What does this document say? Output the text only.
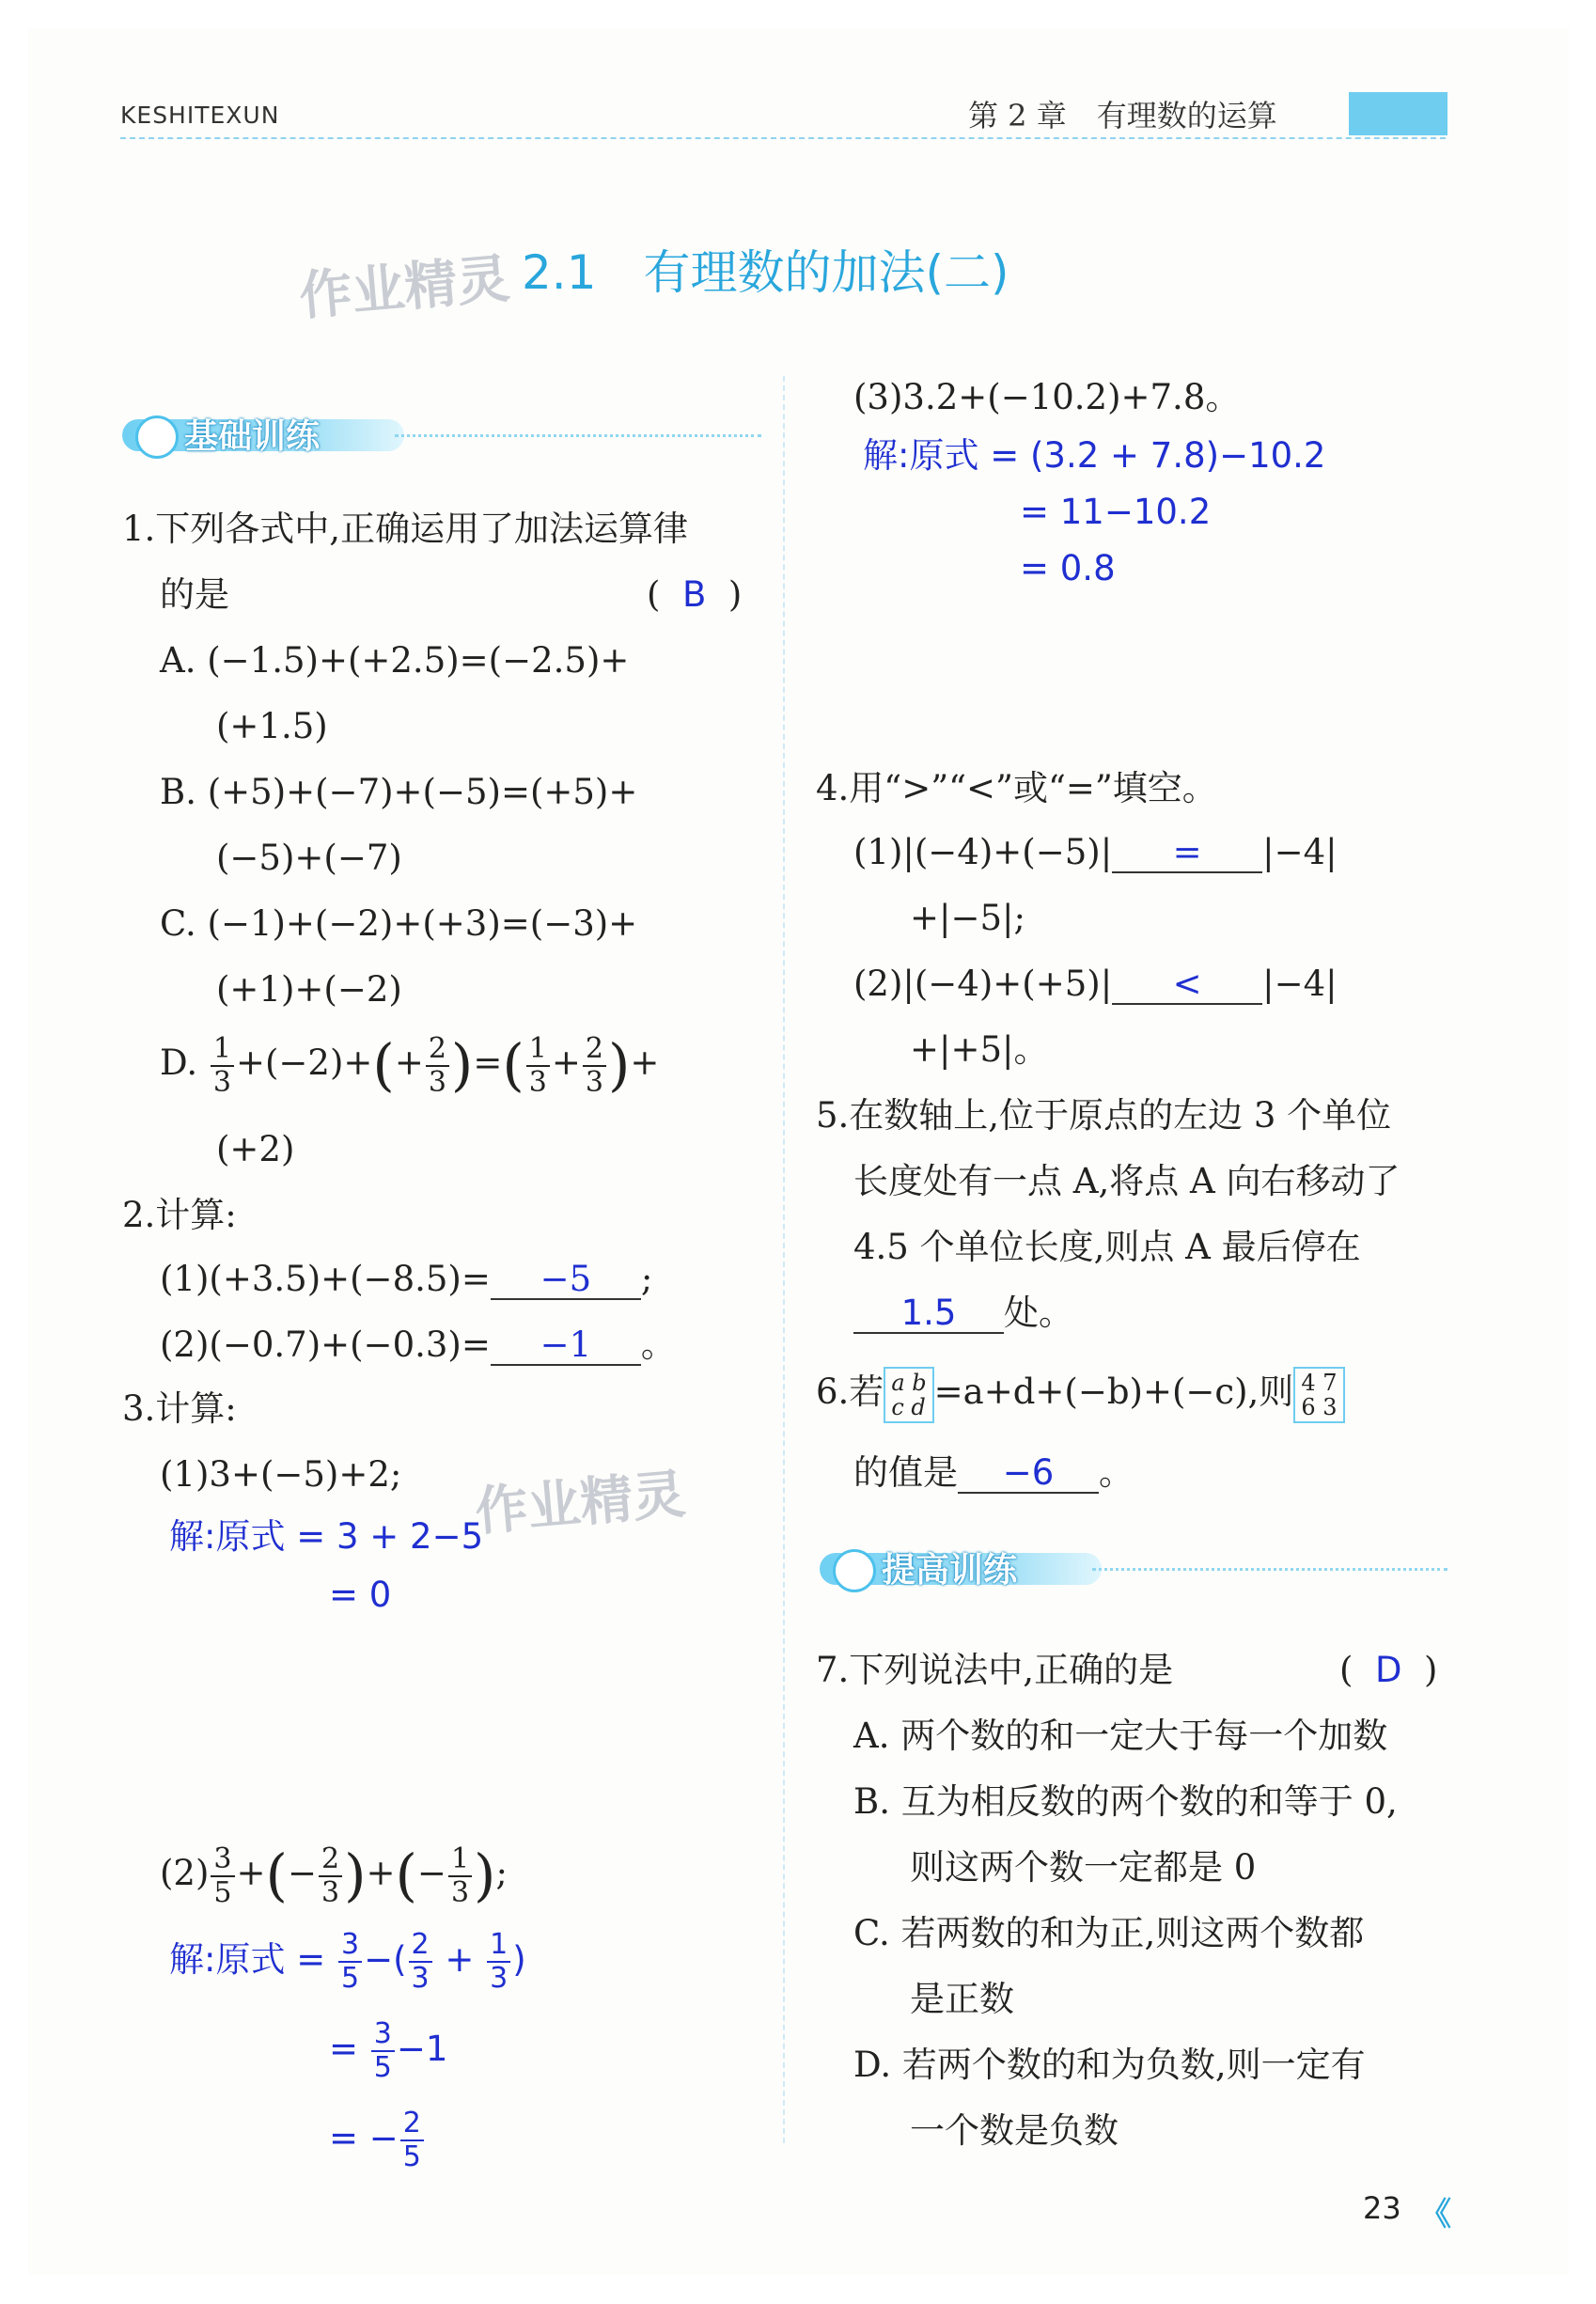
KESHITEXUN	第 2 章　有理数的运算
作业精灵 2.1　有理数的加法(二)
基础训练
1.下列各式中,正确运用了加法运算律
的是	( B )
A. (−1.5)+(+2.5)=(−2.5)+
(+1.5)
B. (+5)+(−7)+(−5)=(+5)+
(−5)+(−7)
C. (−1)+(−2)+(+3)=(−3)+
(+1)+(−2)
D. $\frac{1}{3} +(-2)+(+ \frac{2}{3}$ )=( $\frac{1}{3} + \frac{2}{3}$ )+
(+2)
2.计算:
(1)(+3.5)+(−8.5)= −5 ;
(2)(−0.7)+(−0.3)= −1 。
3.计算:
(1)3+(−5)+2; 作业精灵
解:原式 = 3 + 2−5
= 0
$(2) \frac{3}{5}$ +(− $\frac{2}{3}$ )+(− $\frac{1}{3}$ );
解:原式 = $\frac{3}{5}$ −( $\frac{2}{3} + \frac{1}{3}$ )
= $\frac{3}{5} -1$
= − $\frac{2}{5}$
(3)3.2+(−10.2)+7.8。
解:原式 = (3.2 + 7.8)−10.2
= 11−10.2
= 0.8
4.用“>”“<”或“=”填空。
(1)|(−4)+(−5)| = |−4|
+|−5|;
(2)|(−4)+(+5)| < |−4|
+|+5|。
5.在数轴上,位于原点的左边 3 个单位
长度处有一点 A,将点 A 向右移动了
4.5 个单位长度,则点 A 最后停在
1.5 处。
6.若 a b
c d =a+d+(−b)+(−c),则 4 7
6 3
的值是 −6 。
提高训练
7.下列说法中,正确的是	( D )
A. 两个数的和一定大于每一个加数
B. 互为相反数的两个数的和等于 0,
则这两个数一定都是 0
C. 若两数的和为正,则这两个数都
是正数
D. 若两个数的和为负数,则一定有
一个数是负数
23 《
